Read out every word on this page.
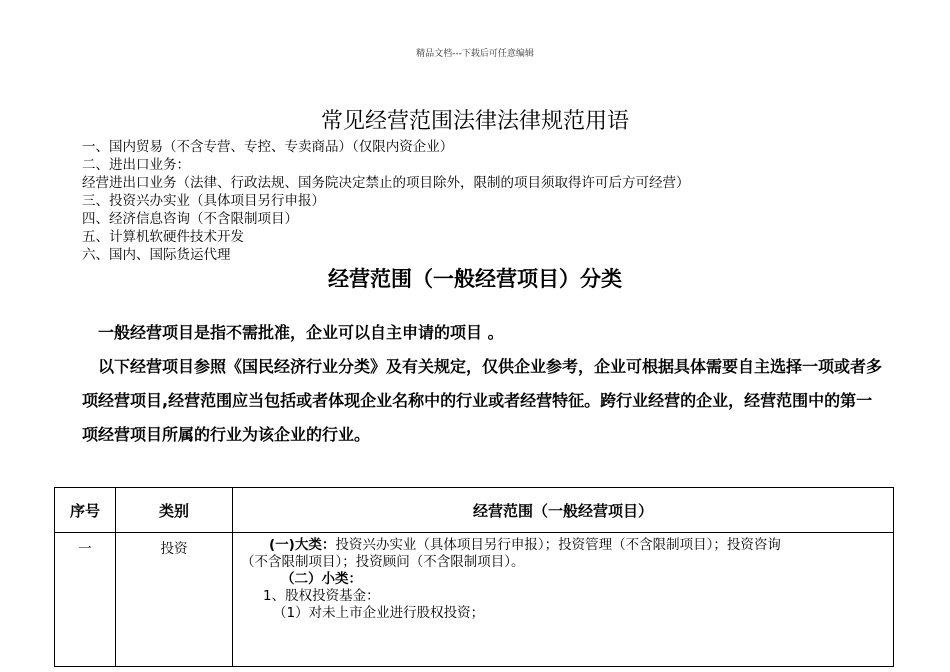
精品文档---下载后可任意编辑
常见经营范围法律法律规范用语
一、国内贸易（不含专营、专控、专卖商品）（仅限内资企业）
二、进出口业务：
经营进出口业务（法律、行政法规、国务院决定禁止的项目除外，限制的项目须取得许可后方可经营）
三、投资兴办实业（具体项目另行申报）
四、经济信息咨询（不含限制项目）
五、计算机软硬件技术开发
六、国内、国际货运代理
经营范围（一般经营项目）分类

一般经营项目是指不需批准，企业可以自主申请的项目 。

以下经营项目参照《国民经济行业分类》及有关规定，仅供企业参考，企业可根据具体需要自主选择一项或者多项经营项目,经营范围应当包括或者体现企业名称中的行业或者经营特征。跨行业经营的企业，经营范围中的第一项经营项目所属的行业为该企业的行业。

序号	类别	经营范围（一般经营项目）
一	投资	(一)大类：投资兴办实业（具体项目另行申报）；投资管理（不含限制项目）；投资咨询
（不含限制项目）；投资顾问（不含限制项目）。
（二）小类：
1、股权投资基金：
（1）对未上市企业进行股权投资；
